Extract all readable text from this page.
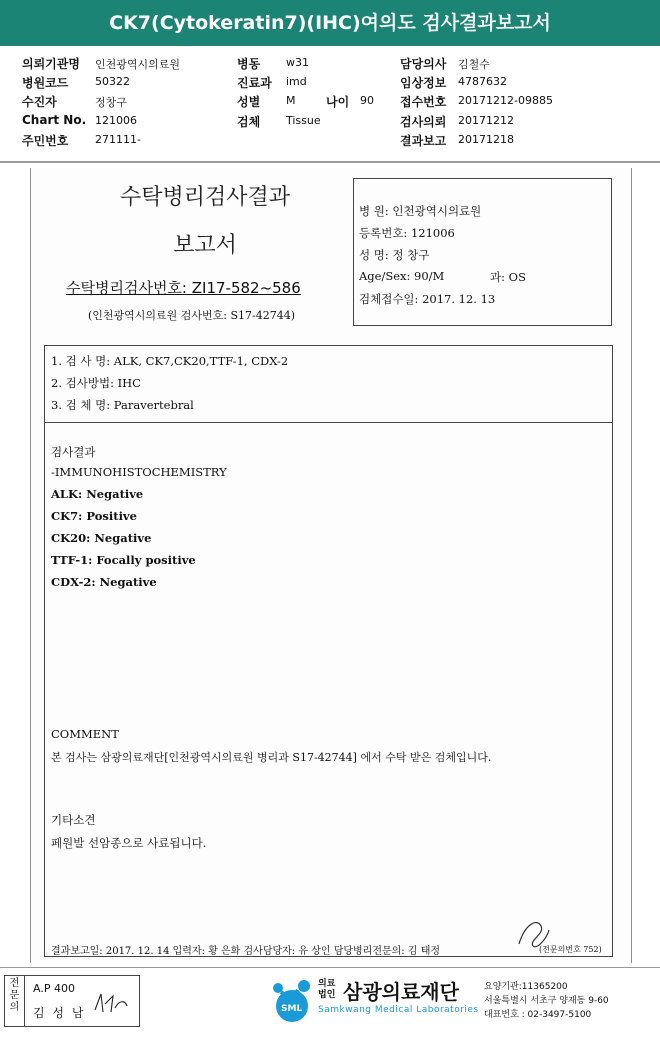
CK7(Cytokeratin7)(IHC)여의도 검사결과보고서
의뢰기관명 인천광역시의료원
병원코드 50322
수진자	정창구
Chart No. 121006
주민번호 271111-
병동 w31
진료과 imd
성별 M	나이 90
검체 Tissue
담당의사 김철수
임상정보 4787632
접수번호 20171212-09885
검사의뢰 20171212
결과보고 20171218
수탁병리검사결과
보고서
수탁병리검사번호: ZI17-582~586
(인천광역시의료원 검사번호: S17-42744)
병 원: 인천광역시의료원
등록번호: 121006
성 명: 정 창구
Age/Sex: 90/M	과: OS
검체접수일: 2017. 12. 13
1. 검 사 명: ALK, CK7,CK20,TTF-1, CDX-2
2. 검사방법: IHC
3. 검 체 명: Paravertebral
검사결과
-IMMUNOHISTOCHEMISTRY
ALK: Negative
CK7: Positive
CK20: Negative
TTF-1: Focally positive
CDX-2: Negative
COMMENT
본 검사는 삼광의료재단[인천광역시의료원 병리과 S17-42744] 에서 수탁 받은 검체입니다.
기타소견
페원발 선암종으로 사료됩니다.
결과보고일: 2017. 12. 14 입력자: 황 은화 검사담당자: 유 상인 담당병리전문의: 김 태정	(전문의번호 752)
전 문 의
A.P 400
김 성 남	SML
의료
법인 삼광의료재단
Samkwang Medical Laboratories
요양기관:11365200
서울특별시 서초구 양재동 9-60
대표번호 : 02-3497-5100
